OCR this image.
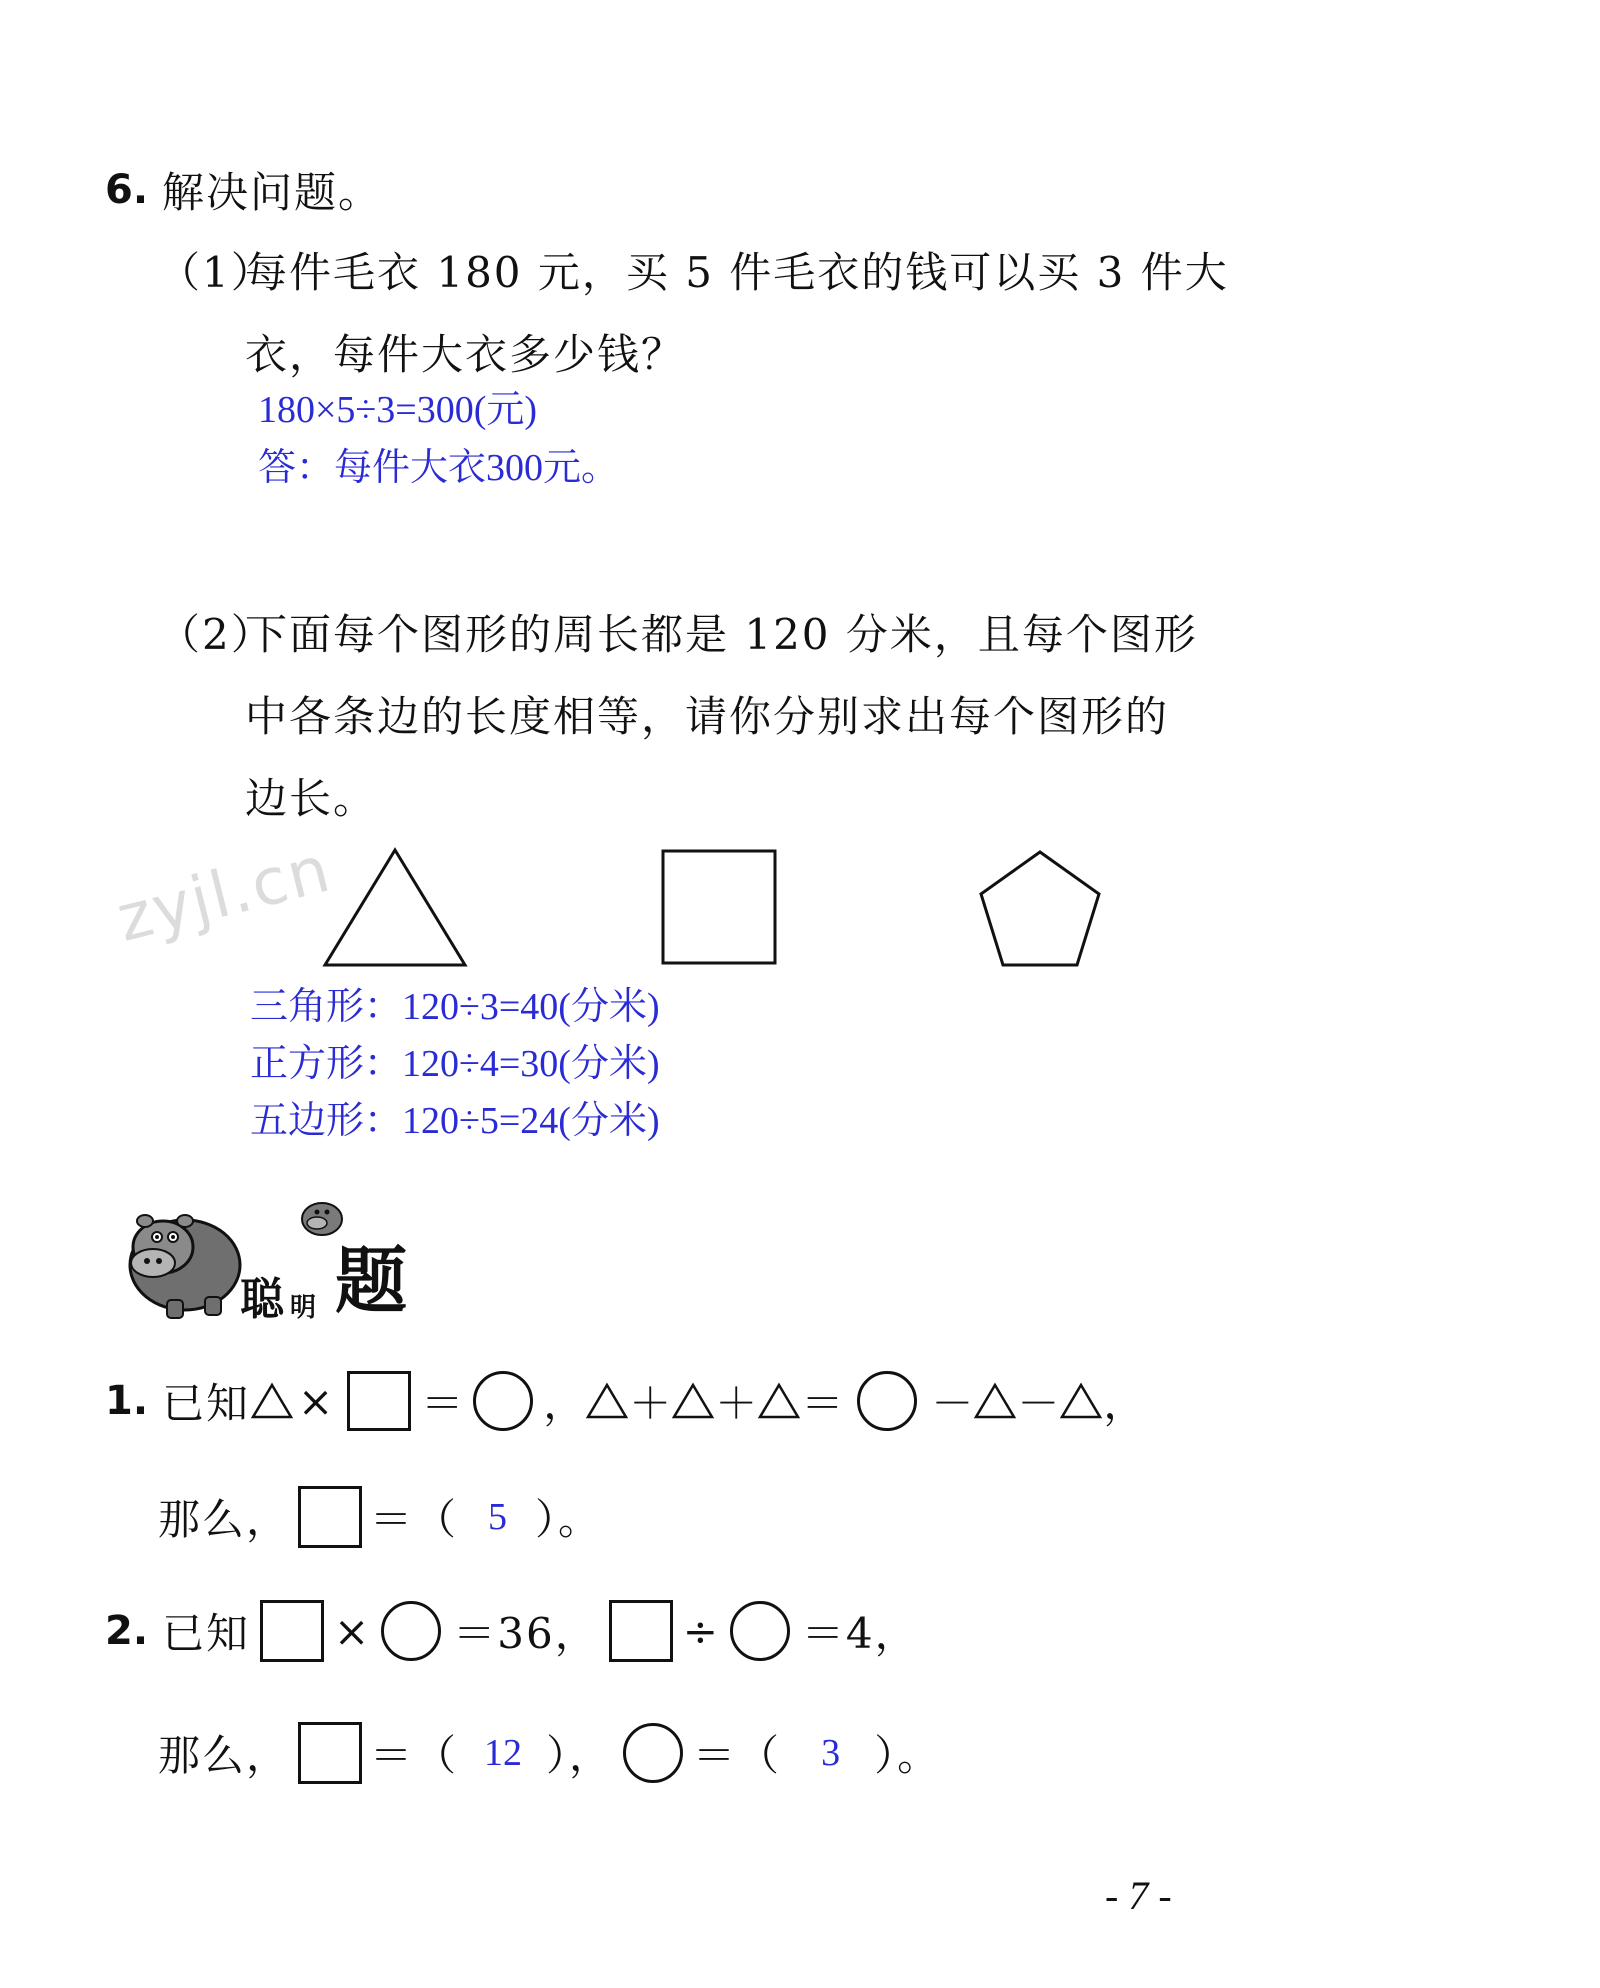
6. 解决问题。
（1）
每件毛衣 180 元，买 5 件毛衣的钱可以买 3 件大
衣，每件大衣多少钱？
180×5÷3=300(元)
答：每件大衣300元。
（2）
下面每个图形的周长都是 120 分米，且每个图形
中各条边的长度相等，请你分别求出每个图形的
边长。
zyjl.cn
三角形：120÷3=40(分米)
正方形：120÷4=30(分米)
五边形：120÷5=24(分米)
聪 明 题
1. 已知 × ＝ ， ＋ ＋ ＝ － － ，
那么， ＝（ 5 ）。
2. 已知 × ＝36， ÷ ＝4，
那么， ＝（ 12 ）， ＝（ 3 ）。
- 7 -
